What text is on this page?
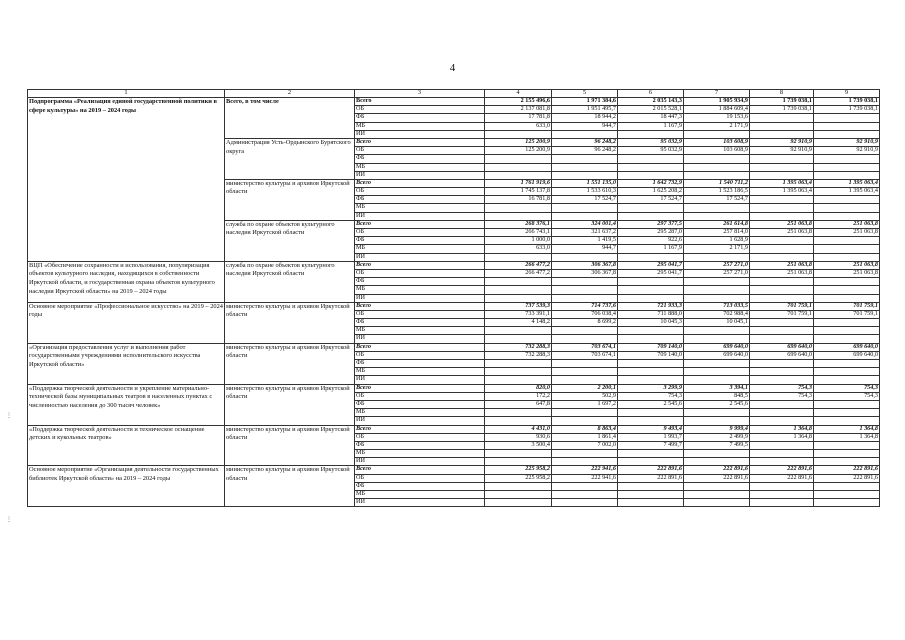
4
1	2	3	4	5	6	7	8	9
Подпрограмма «Реализация единой государственной политики в сфере культуры» на 2019 – 2024 годы	Всего, в том числе	Всего	2 155 496,6	1 971 384,6	2 035 143,3	1 905 934,9	1 739 038,1	1 739 038,1
		ОБ	2 137 081,8	1 951 495,7	2 015 528,1	1 884 609,4	1 739 038,1	1 739 038,1
		ФБ	17 781,8	18 944,2	18 447,3	19 153,6		
		МБ	633,0	944,7	1 167,9	2 171,9		
		ИИ						
	Администрация Усть-Ордынского Бурятского округа	Всего	125 200,9	96 248,2	95 032,9	103 608,9	92 910,9	92 910,9
		ОБ	125 200,9	96 248,2	95 032,9	103 608,9	92 910,9	92 910,9
		ФБ						
		МБ						
		ИИ						
	министерство культуры и архивов Иркутской области	Всего	1 761 919,6	1 551 135,0	1 642 732,9	1 540 711,2	1 395 063,4	1 395 063,4
		ОБ	1 745 137,8	1 533 610,3	1 625 208,2	1 523 186,5	1 395 063,4	1 395 063,4
		ФБ	16 781,8	17 524,7	17 524,7	17 524,7		
		МБ						
		ИИ						
	служба по охране объектов культурного наследия Иркутской области	Всего	268 376,1	324 001,4	297 377,5	261 614,8	251 063,8	251 063,8
		ОБ	266 743,1	321 637,2	295 287,0	257 814,0	251 063,8	251 063,8
		ФБ	1 000,0	1 419,5	922,6	1 628,9		
		МБ	633,0	944,7	1 167,9	2 171,9		
		ИИ						
ВЦП «Обеспечение сохранности и использования, популяризация объектов культурного наследия, находящихся в собственности Иркутской области, и государственная охрана объектов культурного наследия Иркутской области» на 2019 – 2024 годы	служба по охране объектов культурного наследия Иркутской области	Всего	266 477,2	306 367,8	295 041,7	257 271,0	251 063,8	251 063,8
		ОБ	266 477,2	306 367,8	295 041,7	257 271,0	251 063,8	251 063,8
		ФБ						
		МБ						
		ИИ						
Основное мероприятие «Профессиональное искусство» на 2019 – 2024 годы	министерство культуры и архивов Иркутской области	Всего	737 539,3	714 737,6	721 933,3	713 033,5	701 759,1	701 759,1
		ОБ	733 391,1	706 038,4	711 888,0	702 988,4	701 759,1	701 759,1
		ФБ	4 148,2	8 699,2	10 045,3	10 045,1		
		МБ						
		ИИ						
«Организация предоставления услуг и выполнения работ государственными учреждениями исполнительского искусства Иркутской области»	министерство культуры и архивов Иркутской области	Всего	732 288,3	703 674,1	709 140,0	699 640,0	699 640,0	699 640,0
		ОБ	732 288,3	703 674,1	709 140,0	699 640,0	699 640,0	699 640,0
		ФБ						
		МБ						
		ИИ						
«Поддержка творческой деятельности и укрепление материально-технической базы муниципальных театров в населенных пунктах с численностью населения до 300 тысяч человек»	министерство культуры и архивов Иркутской области	Всего	820,0	2 200,1	3 299,9	3 394,1	754,3	754,3
		ОБ	172,2	502,9	754,3	848,5	754,3	754,3
		ФБ	647,8	1 697,2	2 545,6	2 545,6		
		МБ						
		ИИ						
«Поддержка творческой деятельности и техническое оснащение детских и кукольных театров»	министерство культуры и архивов Иркутской области	Всего	4 431,0	8 863,4	9 493,4	9 999,4	1 364,8	1 364,8
		ОБ	930,6	1 861,4	1 993,7	2 499,9	1 364,8	1 364,8
		ФБ	3 500,4	7 002,0	7 499,7	7 499,5		
		МБ						
		ИИ						
Основное мероприятие «Организация деятельности государственных библиотек Иркутской области» на 2019 – 2024 годы	министерство культуры и архивов Иркутской области	Всего	225 958,2	222 941,6	222 891,6	222 891,6	222 891,6	222 891,6
		ОБ	225 958,2	222 941,6	222 891,6	222 891,6	222 891,6	222 891,6
		ФБ						
		МБ						
		ИИ						
⋮
⋮
